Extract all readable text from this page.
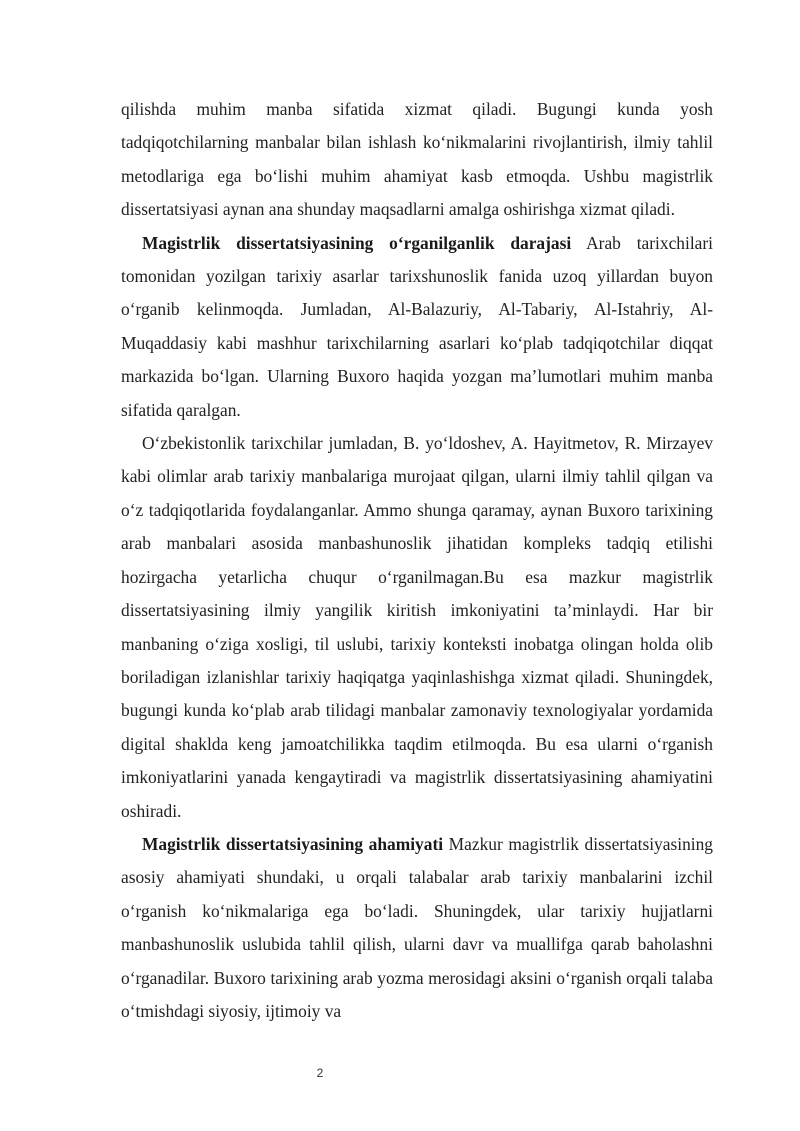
qilishda muhim manba sifatida xizmat qiladi. Bugungi kunda yosh tadqiqotchilarning manbalar bilan ishlash ko‘nikmalarini rivojlantirish, ilmiy tahlil metodlariga ega bo‘lishi muhim ahamiyat kasb etmoqda. Ushbu magistrlik dissertatsiyasi aynan ana shunday maqsadlarni amalga oshirishga xizmat qiladi.

Magistrlik dissertatsiyasining o‘rganilganlik darajasi Arab tarixchilari tomonidan yozilgan tarixiy asarlar tarixshunoslik fanida uzoq yillardan buyon o‘rganib kelinmoqda. Jumladan, Al-Balazuriy, Al-Tabariy, Al-Istahriy, Al-Muqaddasiy kabi mashhur tarixchilarning asarlari ko‘plab tadqiqotchilar diqqat markazida bo‘lgan. Ularning Buxoro haqida yozgan ma’lumotlari muhim manba sifatida qaralgan.

O‘zbekistonlik tarixchilar jumladan, B. yo‘ldoshev, A. Hayitmetov, R. Mirzayev kabi olimlar arab tarixiy manbalariga murojaat qilgan, ularni ilmiy tahlil qilgan va o‘z tadqiqotlarida foydalanganlar. Ammo shunga qaramay, aynan Buxoro tarixining arab manbalari asosida manbashunoslik jihatidan kompleks tadqiq etilishi hozirgacha yetarlicha chuqur o‘rganilmagan.Bu esa mazkur magistrlik dissertatsiyasining ilmiy yangilik kiritish imkoniyatini ta’minlaydi. Har bir manbaning o‘ziga xosligi, til uslubi, tarixiy konteksti inobatga olingan holda olib boriladigan izlanishlar tarixiy haqiqatga yaqinlashishga xizmat qiladi. Shuningdek, bugungi kunda ko‘plab arab tilidagi manbalar zamonaviy texnologiyalar yordamida digital shaklda keng jamoatchilikka taqdim etilmoqda. Bu esa ularni o‘rganish imkoniyatlarini yanada kengaytiradi va magistrlik dissertatsiyasining ahamiyatini oshiradi.

Magistrlik dissertatsiyasining ahamiyati Mazkur magistrlik dissertatsiyasining asosiy ahamiyati shundaki, u orqali talabalar arab tarixiy manbalarini izchil o‘rganish ko‘nikmalariga ega bo‘ladi. Shuningdek, ular tarixiy hujjatlarni manbashunoslik uslubida tahlil qilish, ularni davr va muallifga qarab baholashni o‘rganadilar. Buxoro tarixining arab yozma merosidagi aksini o‘rganish orqali talaba o‘tmishdagi siyosiy, ijtimoiy va

2
